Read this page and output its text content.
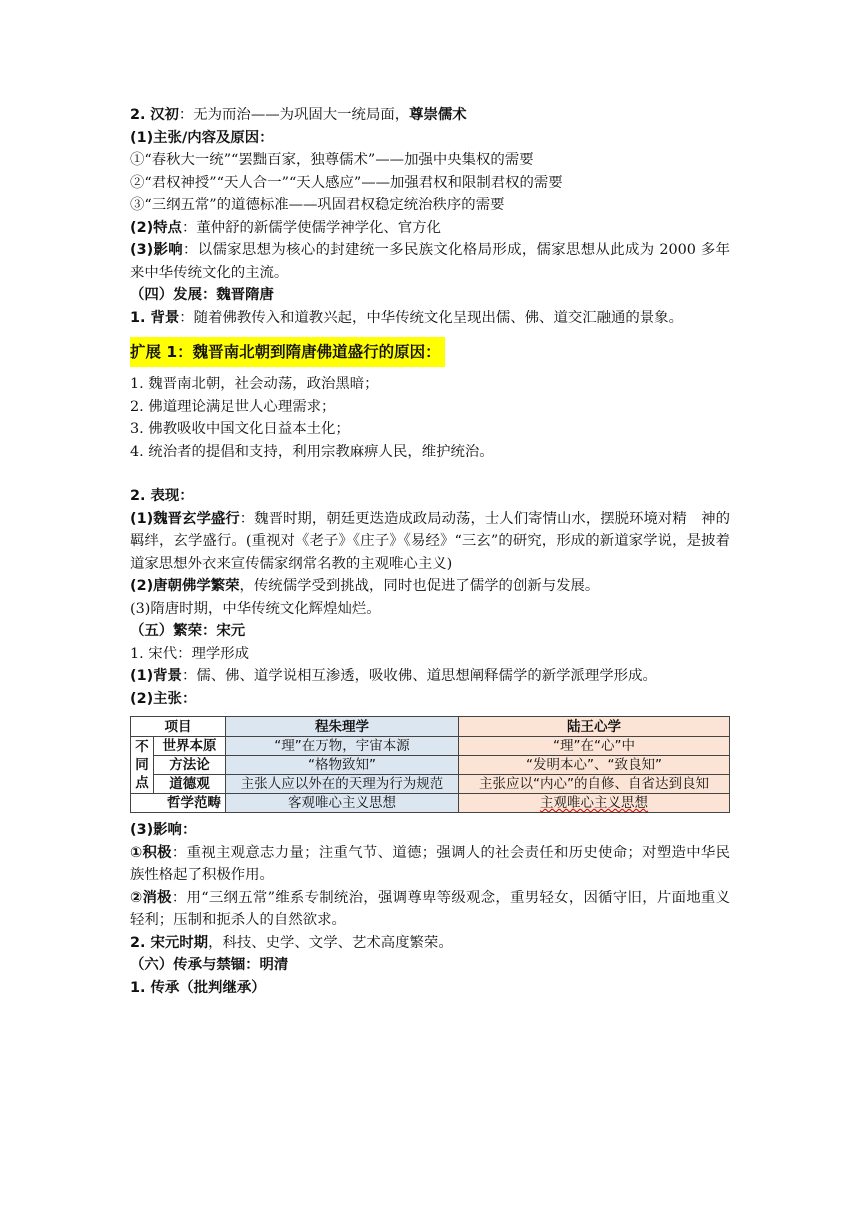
2. 汉初：无为而治——为巩固大一统局面，尊崇儒术
(1)主张/内容及原因：
①“春秋大一统”“罢黜百家，独尊儒术”——加强中央集权的需要
②“君权神授”“天人合一”“天人感应”——加强君权和限制君权的需要
③“三纲五常”的道德标准——巩固君权稳定统治秩序的需要
(2)特点：董仲舒的新儒学使儒学神学化、官方化
(3)影响：以儒家思想为核心的封建统一多民族文化格局形成，儒家思想从此成为 2000 多年来中华传统文化的主流。
（四）发展：魏晋隋唐
1. 背景：随着佛教传入和道教兴起，中华传统文化呈现出儒、佛、道交汇融通的景象。
扩展 1：魏晋南北朝到隋唐佛道盛行的原因：
1. 魏晋南北朝，社会动荡，政治黑暗；
2. 佛道理论满足世人心理需求；
3. 佛教吸收中国文化日益本土化；
4. 统治者的提倡和支持，利用宗教麻痹人民，维护统治。
2. 表现：
(1)魏晋玄学盛行：魏晋时期，朝廷更迭造成政局动荡，士人们寄情山水，摆脱环境对精　神的羁绊，玄学盛行。(重视对《老子》《庄子》《易经》“三玄”的研究，形成的新道家学说，是披着道家思想外衣来宣传儒家纲常名教的主观唯心主义)
(2)唐朝佛学繁荣，传统儒学受到挑战，同时也促进了儒学的创新与发展。
(3)隋唐时期，中华传统文化辉煌灿烂。
（五）繁荣：宋元
1. 宋代：理学形成
(1)背景：儒、佛、道学说相互渗透，吸收佛、道思想阐释儒学的新学派理学形成。
(2)主张：
项目		程朱理学	陆王心学
不同点	世界本原	“理”在万物，宇宙本源	“理”在“心”中
	方法论	“格物致知”	“发明本心”、“致良知”
	道德观	主张人应以外在的天理为行为规范	主张应以“内心”的自修、自省达到良知
哲学范畴		客观唯心主义思想	主观唯心主义思想
(3)影响：
①积极：重视主观意志力量；注重气节、道德；强调人的社会责任和历史使命；对塑造中华民族性格起了积极作用。
②消极：用“三纲五常”维系专制统治，强调尊卑等级观念，重男轻女，因循守旧，片面地重义轻利；压制和扼杀人的自然欲求。
2. 宋元时期，科技、史学、文学、艺术高度繁荣。
（六）传承与禁锢：明清
1. 传承（批判继承）
